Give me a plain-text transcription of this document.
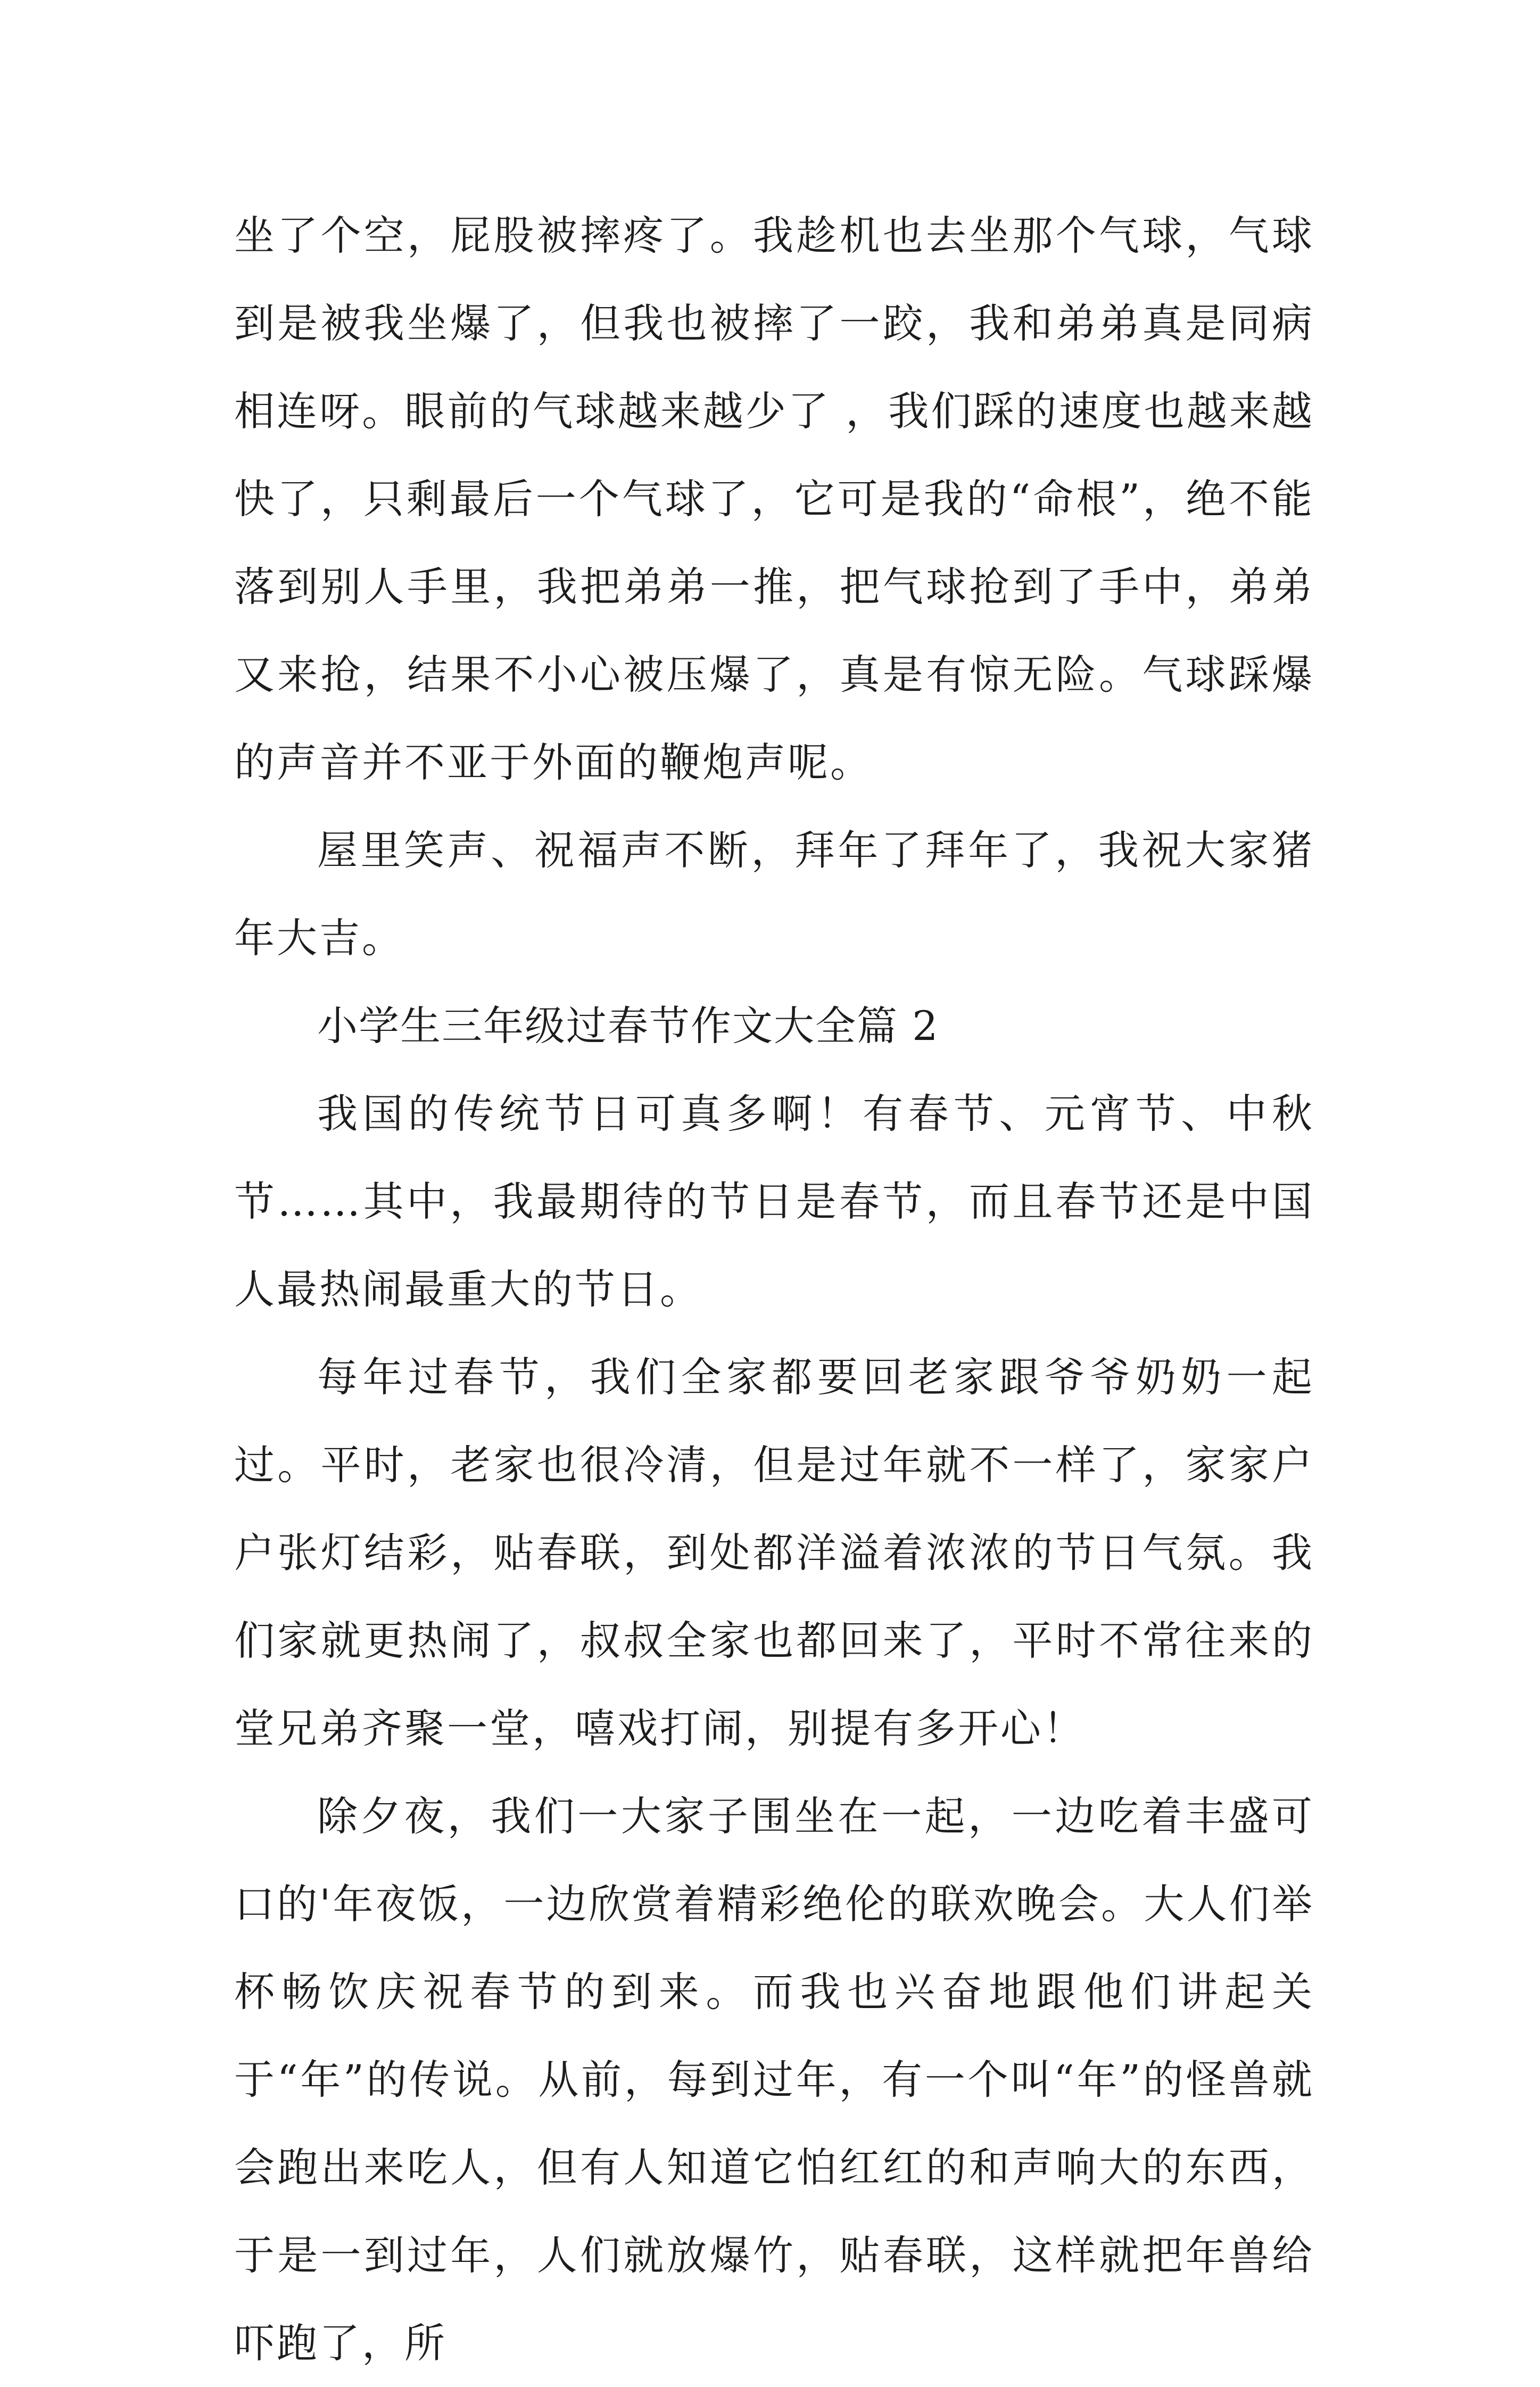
坐了个空，屁股被摔疼了。我趁机也去坐那个气球，气球到是被我坐爆了，但我也被摔了一跤，我和弟弟真是同病相连呀。眼前的气球越来越少了 ，我们踩的速度也越来越快了，只剩最后一个气球了，它可是我的“命根”，绝不能落到别人手里，我把弟弟一推，把气球抢到了手中，弟弟又来抢，结果不小心被压爆了，真是有惊无险。气球踩爆的声音并不亚于外面的鞭炮声呢。

屋里笑声、祝福声不断，拜年了拜年了，我祝大家猪年大吉。

小学生三年级过春节作文大全篇 2

我国的传统节日可真多啊！有春节、元宵节、中秋节……其中，我最期待的节日是春节，而且春节还是中国人最热闹最重大的节日。

每年过春节，我们全家都要回老家跟爷爷奶奶一起过。平时，老家也很冷清，但是过年就不一样了，家家户户张灯结彩，贴春联，到处都洋溢着浓浓的节日气氛。我们家就更热闹了，叔叔全家也都回来了，平时不常往来的堂兄弟齐聚一堂，嘻戏打闹，别提有多开心！

除夕夜，我们一大家子围坐在一起，一边吃着丰盛可口的'年夜饭，一边欣赏着精彩绝伦的联欢晚会。大人们举杯畅饮庆祝春节的到来。而我也兴奋地跟他们讲起关于“年”的传说。从前，每到过年，有一个叫“年”的怪兽就会跑出来吃人，但有人知道它怕红红的和声响大的东西，于是一到过年，人们就放爆竹，贴春联，这样就把年兽给吓跑了，所
